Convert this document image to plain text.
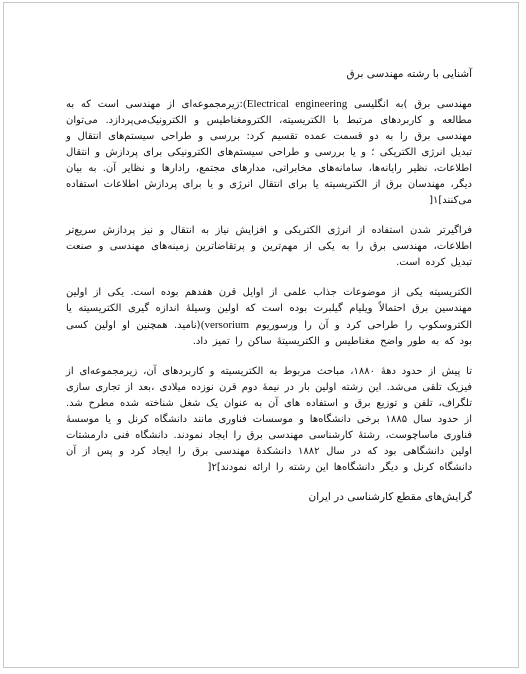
آشنایی با رشته مهندسی برق
مهندسی برق )به انگلیسی (Electrical engineering:زیرمجموعه‌ای از مهندسی است که به مطالعه و کاربردهای مرتبط با الکتریسیته، الکترومغناطیس و الکترونیک‌می‌پردازد. می‌توان مهندسی برق را به دو قسمت عمده تقسیم کرد: بررسی و طراحی سیستم‌های انتقال و تبدیل انرژی الکتریکی ؛ و یا بررسی و طراحی سیستم‌های الکترونیکی برای پردازش و انتقال اطلاعات، نظیر رایانه‌ها، سامانه‌های مخابراتی، مدارهای مجتمع، رادارها و نظایر آن. به بیان دیگر، مهندسان برق از الکتریسیته یا برای انتقال انرژی و یا برای پردازش اطلاعات استفاده می‌کنند]۱[
فراگیرتر شدن استفاده از انرژی الکتریکی و افزایش نیاز به انتقال و نیز پردازش سریع‌تر اطلاعات، مهندسی برق را به یکی از مهم‌ترین و پرتقاضاترین زمینه‌های مهندسی و صنعت تبدیل کرده است.
الکتریسیته یکی از موضوعات جذاب علمی از اوایل قرن هفدهم بوده است. یکی از اولین مهندسین برق احتمالاً ویلیام گیلبرت بوده است که اولین وسیلهٔ اندازه گیری الکتریسیته یا الکتروسکوپ را طراحی کرد و آن را ورسوریوم (versorium(نامید. همچنین او اولین کسی بود که به طور واضح مغناطیس و الکتریسیتهٔ ساکن را تمیز داد.
تا پیش از حدود دههٔ ۱۸۸۰، مباحث مربوط به الکتریسیته و کاربردهای آن، زیرمجموعه‌ای از فیزیک تلقی می‌شد. این رشته اولین بار در نیمهٔ دوم قرن نوزده میلادی ،بعد از تجاری سازی تلگراف، تلفن و توزیع برق و استفاده های آن به عنوان یک شغل شناخته شده مطرح شد. از حدود سال ۱۸۸۵ برخی دانشگاه‌ها و موسسات فناوری مانند دانشگاه کرنل و یا موسسهٔ فناوری ماساچوست، رشتهٔ کارشناسی مهندسی برق را ایجاد نمودند. دانشگاه فنی دارمشتات اولین دانشگاهی بود که در سال ۱۸۸۲ دانشکدهٔ مهندسی برق را ایجاد کرد و پس از آن دانشگاه کرنل و دیگر دانشگاه‌ها این رشته را ارائه نمودند]۲[
گرایش‌های مقطع کارشناسی در ایران
